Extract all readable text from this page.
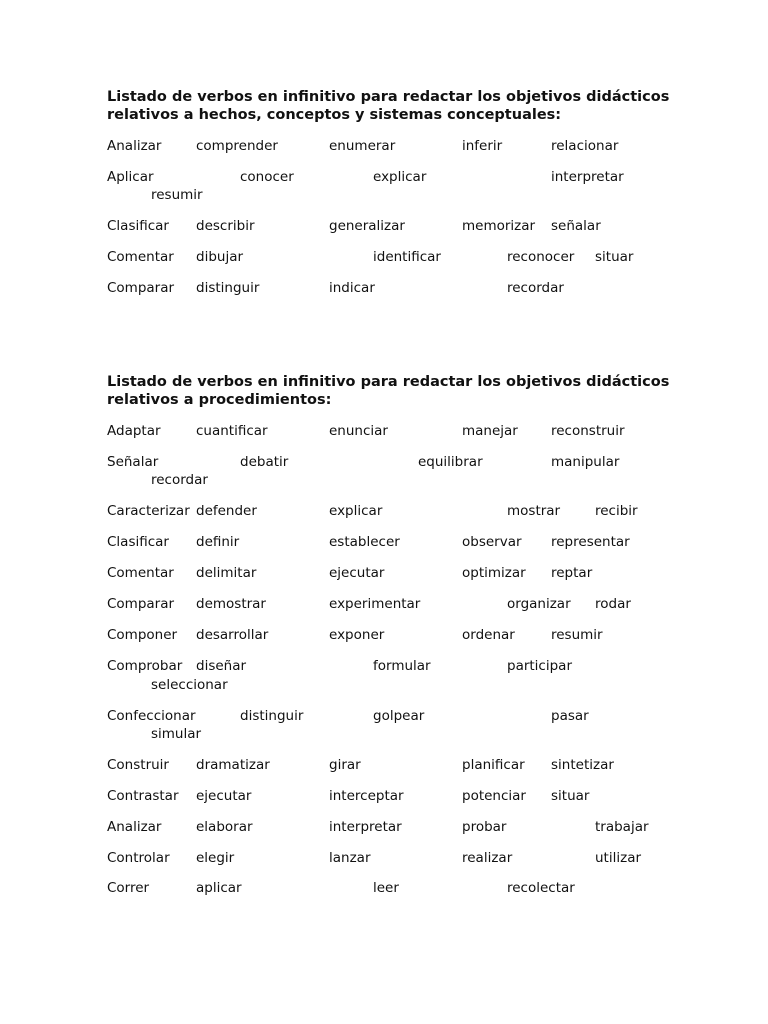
Listado de verbos en infinitivo para redactar los objetivos didácticos
relativos a hechos, conceptos y sistemas conceptuales:
Analizar	comprender	enumerar	inferir	relacionar
Aplicar	conocer	explicar	interpretar
resumir
Clasificar describir	generalizar	memorizar señalar
Comentar dibujar	identificar	reconocer situar
Comparar distinguir	indicar	recordar
Listado de verbos en infinitivo para redactar los objetivos didácticos
relativos a procedimientos:
Adaptar	cuantificar	enunciar	manejar reconstruir
Señalar	debatir	equilibrar	manipular
recordar
Caracterizar defender	explicar	mostrar	recibir
Clasificar definir	establecer	observar representar
Comentar delimitar	ejecutar	optimizar reptar
Comparar demostrar	experimentar	organizar rodar
Componer desarrollar	exponer	ordenar	resumir
Comprobar diseñar	formular	participar
seleccionar
Confeccionar	distinguir	golpear	pasar
simular
Construir dramatizar	girar	planificar sintetizar
Contrastar ejecutar	interceptar	potenciar situar
Analizar	elaborar	interpretar	probar	trabajar
Controlar elegir	lanzar	realizar	utilizar
Correr	aplicar	leer	recolectar
